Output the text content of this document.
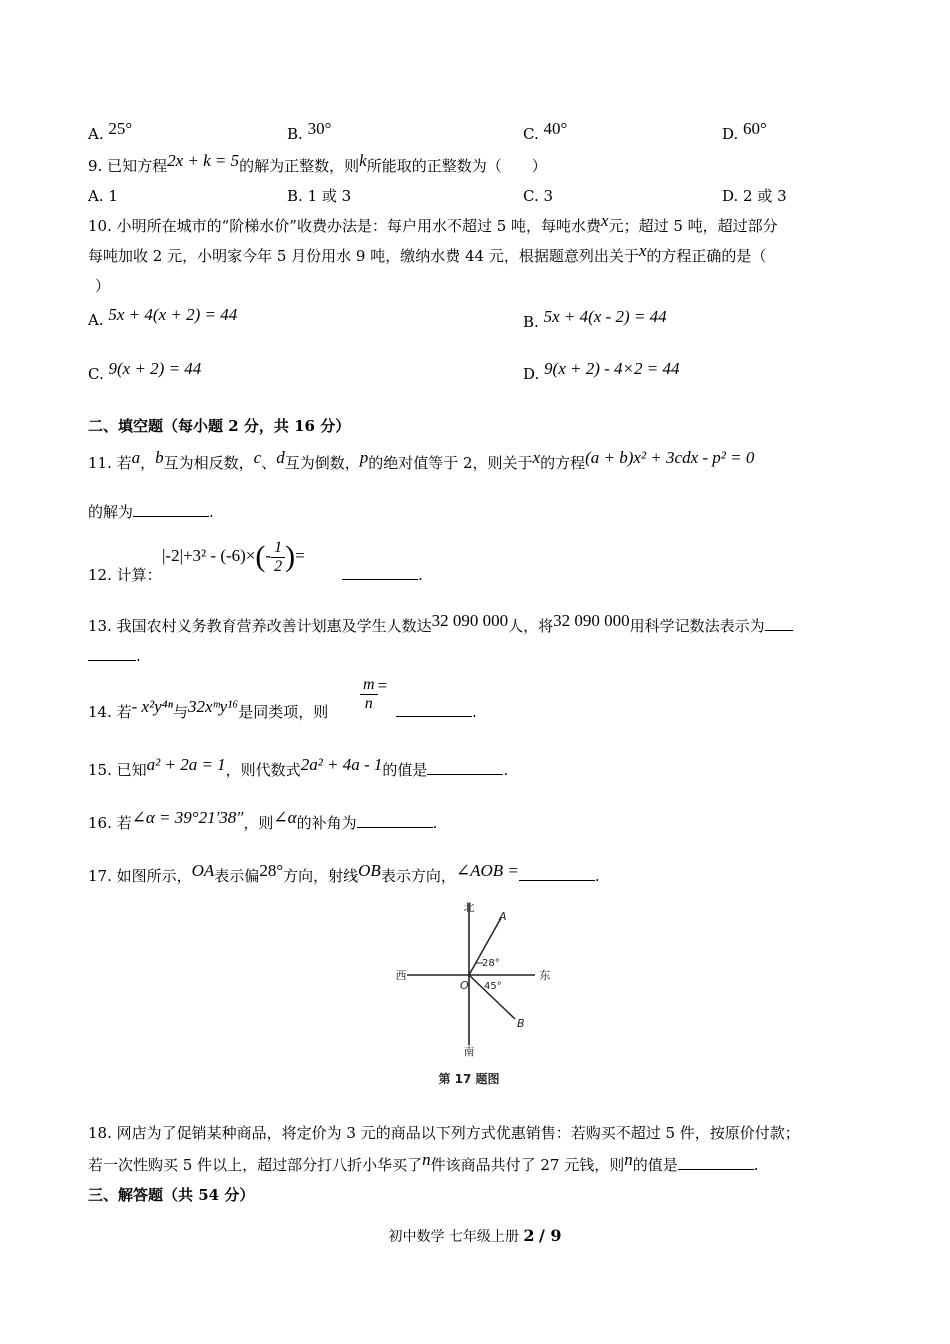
A. 25°	B. 30°	C. 40°	D. 60°
9. 已知方程2x + k = 5的解为正整数，则k所能取的正整数为（　　）
A. 1	B. 1 或 3	C. 3	D. 2 或 3
10. 小明所在城市的“阶梯水价”收费办法是：每户用水不超过 5 吨，每吨水费x元；超过 5 吨，超过部分
每吨加收 2 元，小明家今年 5 月份用水 9 吨，缴纳水费 44 元，根据题意列出关于x的方程正确的是（
）
A. 5x + 4(x + 2) = 44	B. 5x + 4(x - 2) = 44
C. 9(x + 2) = 44	D. 9(x + 2) - 4×2 = 44
二、填空题（每小题 2 分，共 16 分）
11. 若a，b互为相反数，c、d互为倒数，p的绝对值等于 2，则关于x的方程(a + b)x² + 3cdx - p² = 0
的解为	.
12. 计算：
$|-2|+3^2 - (-6)\times(- \frac{1}{2}$ )=
.
13. 我国农村义务教育营养改善计划惠及学生人数达32 090 000人，将32 090 000用科学记数法表示为
.
14. 若- x²y⁴ⁿ与32xᵐy¹⁶是同类项，则 $\frac{m}{n}$ =
.
15. 已知a² + 2a = 1，则代数式2a² + 4a - 1的值是	.
16. 若∠α = 39°21′38″，则∠α的补角为	.
17. 如图所示，OA表示偏28°方向，射线OB表示方向，∠AOB =	.
北
南
东
西
A
B
O
28°
45°
第 17 题图
18. 网店为了促销某种商品，将定价为 3 元的商品以下列方式优惠销售：若购买不超过 5 件，按原价付款；
若一次性购买 5 件以上，超过部分打八折小华买了n件该商品共付了 27 元钱，则n的值是	.
三、解答题（共 54 分）
初中数学 七年级上册 2 / 9
